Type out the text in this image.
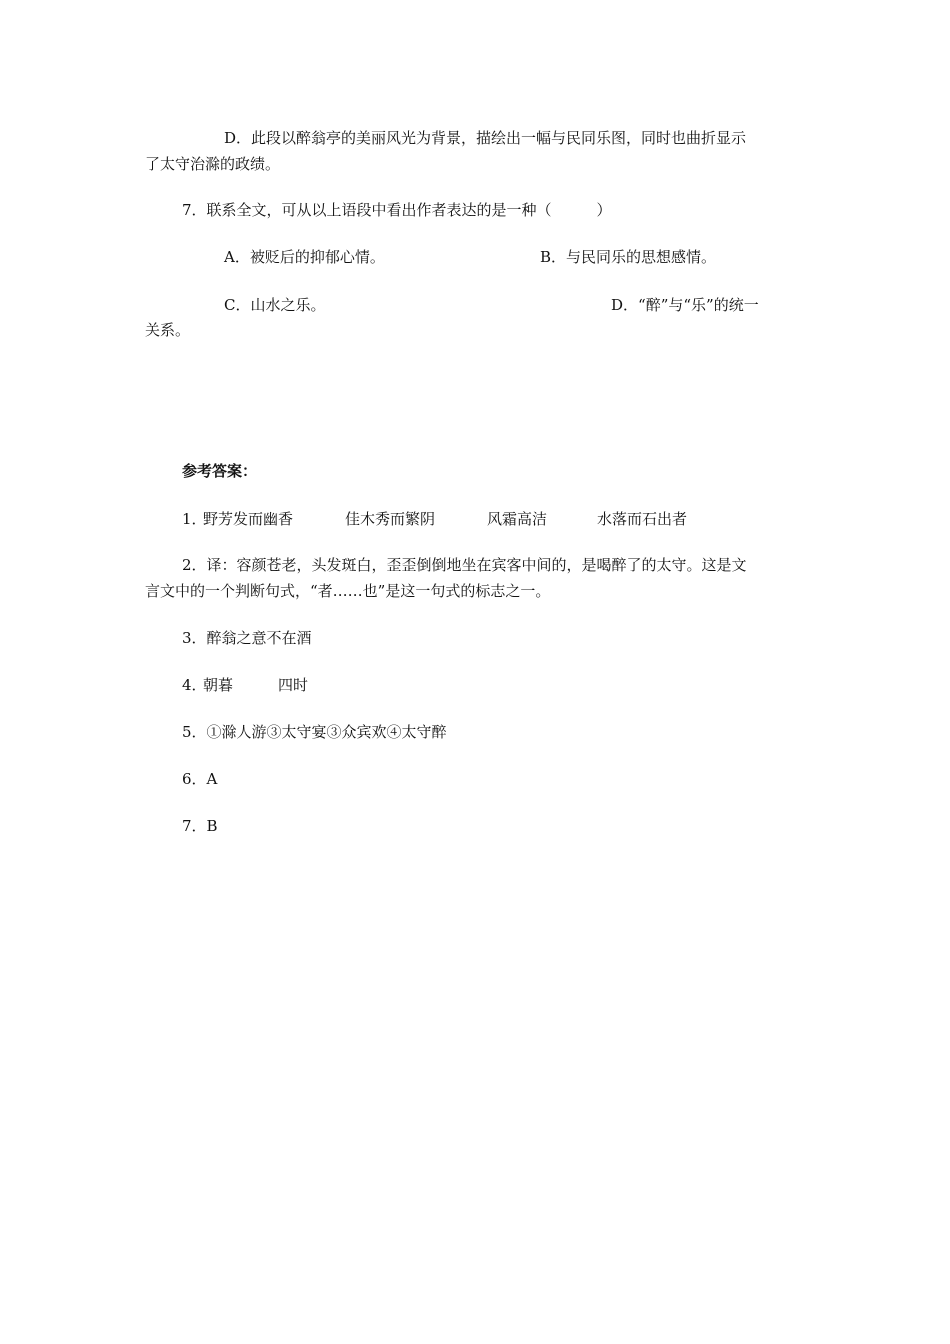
D．此段以醉翁亭的美丽风光为背景，描绘出一幅与民同乐图，同时也曲折显示
了太守治滁的政绩。
7．联系全文，可从以上语段中看出作者表达的是一种（　　　）
A．被贬后的抑郁心情。	B．与民同乐的思想感情。
C．山水之乐。	D．“醉”与“乐”的统一
关系。
参考答案：
1．
野芳发而幽香	佳木秀而繁阴	风霜高洁	水落而石出者
2．译：容颜苍老，头发斑白，歪歪倒倒地坐在宾客中间的，是喝醉了的太守。这是文
言文中的一个判断句式，“者……也”是这一句式的标志之一。
3．醉翁之意不在酒
4．
朝暮	四时
5．①滁人游③太守宴③众宾欢④太守醉
6．A
7．B
